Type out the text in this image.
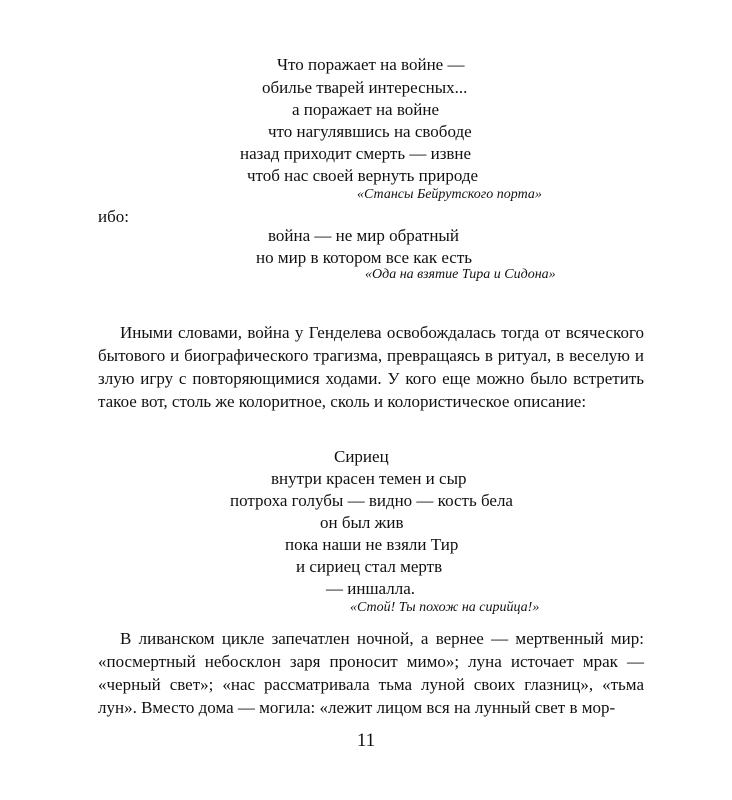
Что поражает на войне —
обилье тварей интересных...
а поражает на войне
что нагулявшись на свободе
назад приходит смерть — извне
чтоб нас своей вернуть природе
«Стансы Бейрутского порта»
ибо:
война — не мир обратный
но мир в котором все как есть
«Ода на взятие Тира и Сидона»

Иными словами, война у Генделева освобождалась тогда от всяческого бытового и биографического трагизма, превращаясь в ритуал, в веселую и злую игру с повторяющимися ходами. У кого еще можно было встретить такое вот, столь же колоритное, сколь и колористическое описание:

Сириец
внутри красен темен и сыр
потроха голубы — видно — кость бела
он был жив
пока наши не взяли Тир
и сириец стал мертв
— иншалла.
«Стой! Ты похож на сирийца!»

В ливанском цикле запечатлен ночной, а вернее — мертвенный мир: «посмертный небосклон заря проносит мимо»; луна источает мрак — «черный свет»; «нас рассматривала тьма луной своих глазниц», «тьма лун». Вместо дома — могила: «лежит лицом вся на лунный свет в мор-

11
